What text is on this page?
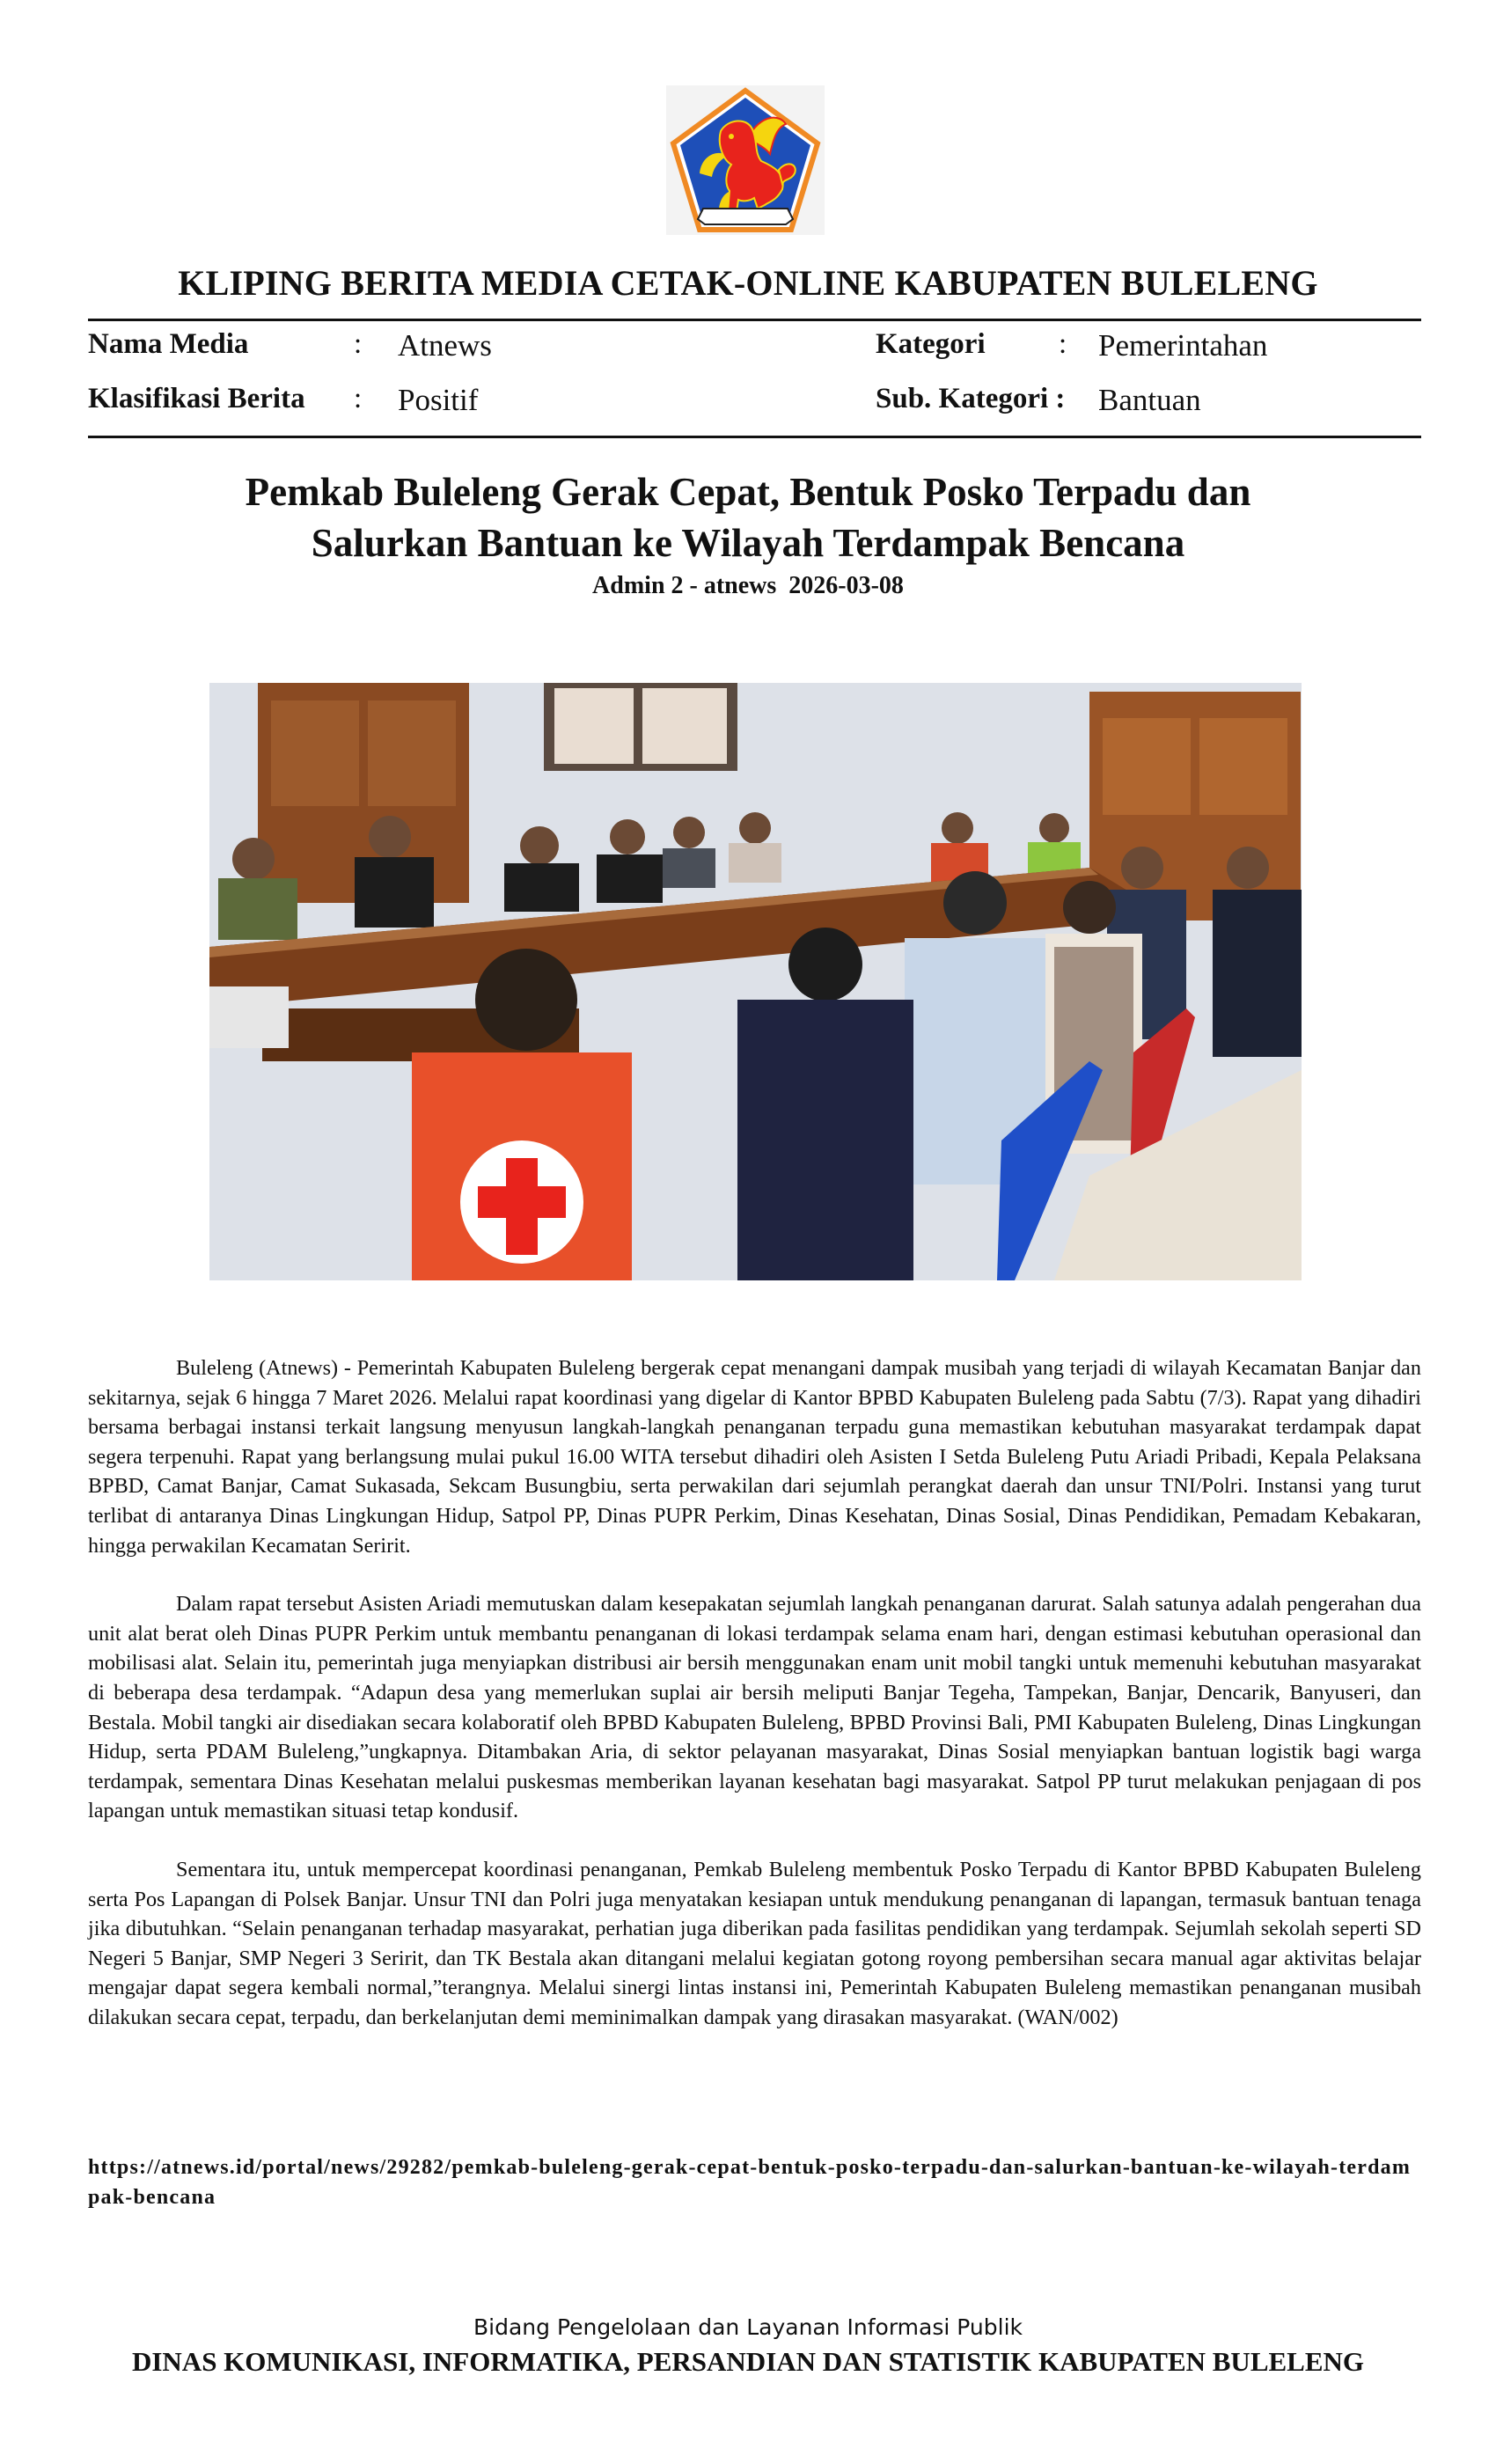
KLIPING BERITA MEDIA CETAK-ONLINE KABUPATEN BULELENG
Nama Media	: Atnews	Kategori	: Pemerintahan
Klasifikasi Berita : Positif	Sub. Kategori : Bantuan
Pemkab Buleleng Gerak Cepat, Bentuk Posko Terpadu dan
Salurkan Bantuan ke Wilayah Terdampak Bencana
Admin 2 - atnews  2026-03-08

Buleleng (Atnews) - Pemerintah Kabupaten Buleleng bergerak cepat menangani dampak musibah yang terjadi di wilayah Kecamatan Banjar dan sekitarnya, sejak 6 hingga 7 Maret 2026. Melalui rapat koordinasi yang digelar di Kantor BPBD Kabupaten Buleleng pada Sabtu (7/3). Rapat yang dihadiri bersama berbagai instansi terkait langsung menyusun langkah-langkah penanganan terpadu guna memastikan kebutuhan masyarakat terdampak dapat segera terpenuhi. Rapat yang berlangsung mulai pukul 16.00 WITA tersebut dihadiri oleh Asisten I Setda Buleleng Putu Ariadi Pribadi, Kepala Pelaksana BPBD, Camat Banjar, Camat Sukasada, Sekcam Busungbiu, serta perwakilan dari sejumlah perangkat daerah dan unsur TNI/Polri. Instansi yang turut terlibat di antaranya Dinas Lingkungan Hidup, Satpol PP, Dinas PUPR Perkim, Dinas Kesehatan, Dinas Sosial, Dinas Pendidikan, Pemadam Kebakaran, hingga perwakilan Kecamatan Seririt.

Dalam rapat tersebut Asisten Ariadi memutuskan dalam kesepakatan sejumlah langkah penanganan darurat. Salah satunya adalah pengerahan dua unit alat berat oleh Dinas PUPR Perkim untuk membantu penanganan di lokasi terdampak selama enam hari, dengan estimasi kebutuhan operasional dan mobilisasi alat. Selain itu, pemerintah juga menyiapkan distribusi air bersih menggunakan enam unit mobil tangki untuk memenuhi kebutuhan masyarakat di beberapa desa terdampak. “Adapun desa yang memerlukan suplai air bersih meliputi Banjar Tegeha, Tampekan, Banjar, Dencarik, Banyuseri, dan Bestala. Mobil tangki air disediakan secara kolaboratif oleh BPBD Kabupaten Buleleng, BPBD Provinsi Bali, PMI Kabupaten Buleleng, Dinas Lingkungan Hidup, serta PDAM Buleleng,”ungkapnya. Ditambakan Aria, di sektor pelayanan masyarakat, Dinas Sosial menyiapkan bantuan logistik bagi warga terdampak, sementara Dinas Kesehatan melalui puskesmas memberikan layanan kesehatan bagi masyarakat. Satpol PP turut melakukan penjagaan di pos lapangan untuk memastikan situasi tetap kondusif.

Sementara itu, untuk mempercepat koordinasi penanganan, Pemkab Buleleng membentuk Posko Terpadu di Kantor BPBD Kabupaten Buleleng serta Pos Lapangan di Polsek Banjar. Unsur TNI dan Polri juga menyatakan kesiapan untuk mendukung penanganan di lapangan, termasuk bantuan tenaga jika dibutuhkan. “Selain penanganan terhadap masyarakat, perhatian juga diberikan pada fasilitas pendidikan yang terdampak. Sejumlah sekolah seperti SD Negeri 5 Banjar, SMP Negeri 3 Seririt, dan TK Bestala akan ditangani melalui kegiatan gotong royong pembersihan secara manual agar aktivitas belajar mengajar dapat segera kembali normal,”terangnya. Melalui sinergi lintas instansi ini, Pemerintah Kabupaten Buleleng memastikan penanganan musibah dilakukan secara cepat, terpadu, dan berkelanjutan demi meminimalkan dampak yang dirasakan masyarakat. (WAN/002)

https://atnews.id/portal/news/29282/pemkab-buleleng-gerak-cepat-bentuk-posko-terpadu-dan-salurkan-bantuan-ke-wilayah-terdampak-bencana
Bidang Pengelolaan dan Layanan Informasi Publik
DINAS KOMUNIKASI, INFORMATIKA, PERSANDIAN DAN STATISTIK KABUPATEN BULELENG
